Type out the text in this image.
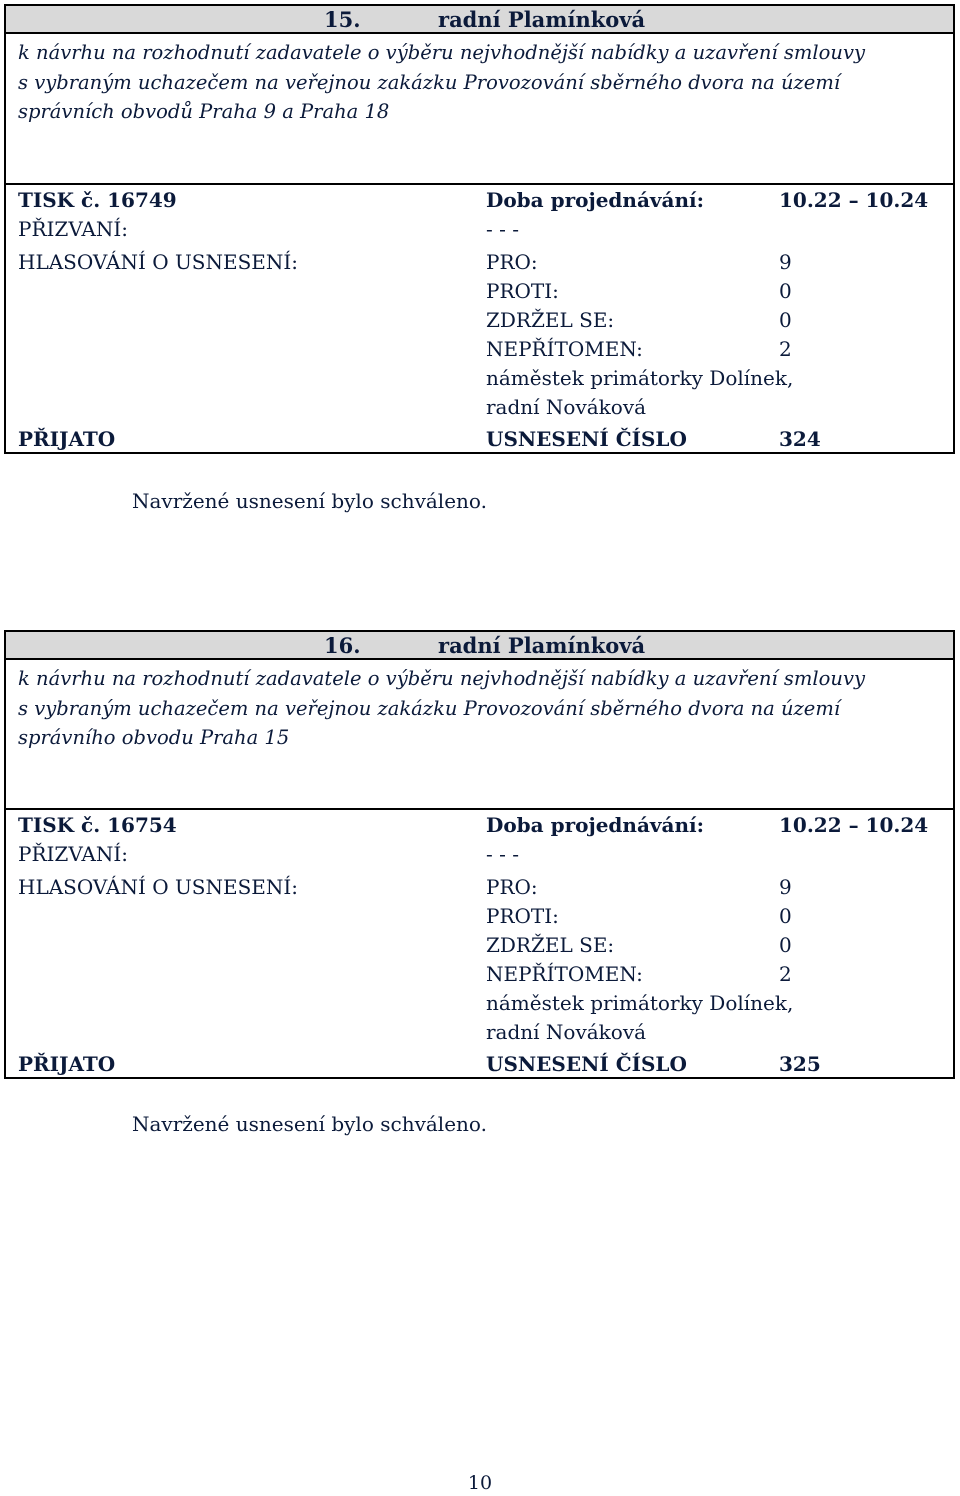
15.	radní Plamínková
k návrhu na rozhodnutí zadavatele o výběru nejvhodnější nabídky a uzavření smlouvy
s vybraným uchazečem na veřejnou zakázku Provozování sběrného dvora na území
správních obvodů Praha 9 a Praha 18
TISK č. 16749	Doba projednávání:	10.22 – 10.24
PŘIZVANÍ:	- - -
HLASOVÁNÍ O USNESENÍ:	PRO:	9
PROTI:	0
ZDRŽEL SE:	0
NEPŘÍTOMEN:	2
náměstek primátorky Dolínek,
radní Nováková
PŘIJATO	USNESENÍ ČÍSLO	324
Navržené usnesení bylo schváleno.
16.	radní Plamínková
k návrhu na rozhodnutí zadavatele o výběru nejvhodnější nabídky a uzavření smlouvy
s vybraným uchazečem na veřejnou zakázku Provozování sběrného dvora na území
správního obvodu Praha 15
TISK č. 16754	Doba projednávání:	10.22 – 10.24
PŘIZVANÍ:	- - -
HLASOVÁNÍ O USNESENÍ:	PRO:	9
PROTI:	0
ZDRŽEL SE:	0
NEPŘÍTOMEN:	2
náměstek primátorky Dolínek,
radní Nováková
PŘIJATO	USNESENÍ ČÍSLO	325
Navržené usnesení bylo schváleno.
10
